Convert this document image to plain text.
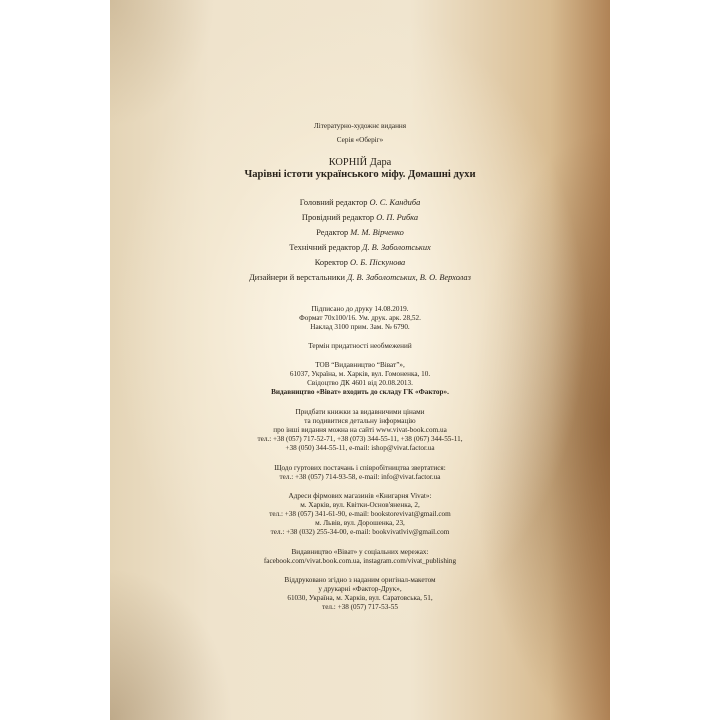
Літературно-художнє видання
Серія «Оберіг»
КОРНІЙ Дара
Чарівні істоти українського міфу. Домашні духи
Головний редактор О. С. Кандиба
Провідний редактор О. П. Рибка
Редактор М. М. Вірченко
Технічний редактор Д. В. Заболотських
Коректор О. Б. Піскунова
Дизайнери й верстальники Д. В. Заболотських, В. О. Верхолаз
Підписано до друку 14.08.2019.
Формат 70х100/16. Ум. друк. арк. 28,52.
Наклад 3100 прим. Зам. № 6790.
Термін придатності необмежений
ТОВ “Видавництво “Віват”»,
61037, Україна, м. Харків, вул. Гомоненка, 10.
Свідоцтво ДК 4601 від 20.08.2013.
Видавництво «Віват» входить до складу ГК «Фактор».
Придбати книжки за видавничими цінами
та подивитися детальну інформацію
про інші видання можна на сайті www.vivat-book.com.ua
тел.: +38 (057) 717-52-71, +38 (073) 344-55-11, +38 (067) 344-55-11,
+38 (050) 344-55-11, e-mail: ishop@vivat.factor.ua
Щодо гуртових постачань і співробітництва звертатися:
тел.: +38 (057) 714-93-58, e-mail: info@vivat.factor.ua
Адреси фірмових магазинів «Книгарня Vivat»:
м. Харків, вул. Квітки-Основ'яненка, 2,
тел.: +38 (057) 341-61-90, e-mail: bookstorevivat@gmail.com
м. Львів, вул. Дорошенка, 23,
тел.: +38 (032) 255-34-00, e-mail: bookvivatlviv@gmail.com
Видавництво «Віват» у соціальних мережах:
facebook.com/vivat.book.com.ua, instagram.com/vivat_publishing
Віддруковано згідно з наданим оригінал-макетом
у друкарні «Фактор-Друк»,
61030, Україна, м. Харків, вул. Саратовська, 51,
тел.: +38 (057) 717-53-55
